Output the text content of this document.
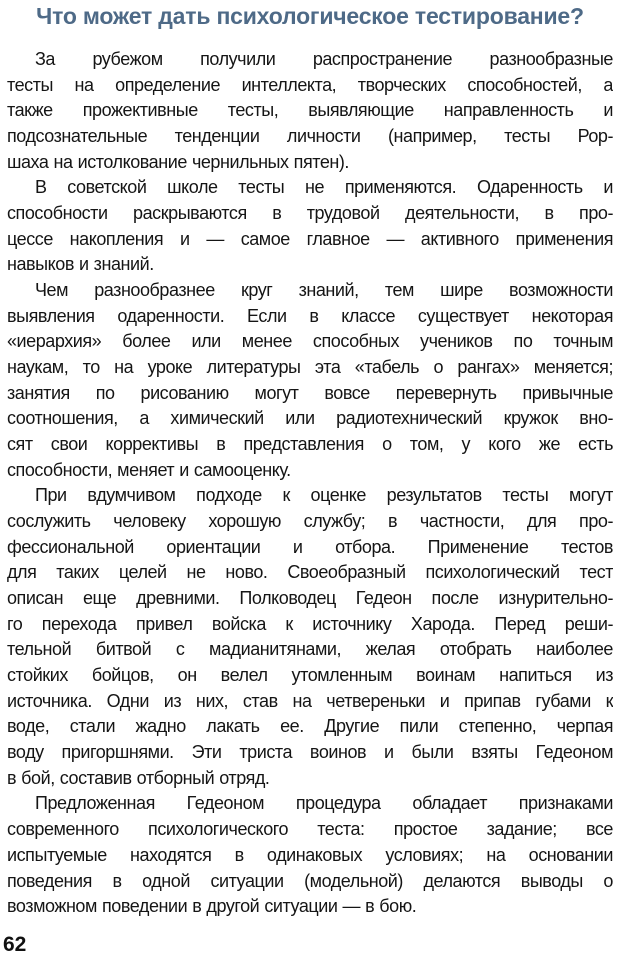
Что может дать психологическое тестирование?
За рубежом получили распространение разнообразные
тесты на определение интеллекта, творческих способностей, а
также прожективные тесты, выявляющие направленность и
подсознательные тенденции личности (например, тесты Рор-
шаха на истолкование чернильных пятен).
В советской школе тесты не применяются. Одаренность и
способности раскрываются в трудовой деятельности, в про-
цессе накопления и — самое главное — активного применения
навыков и знаний.
Чем разнообразнее круг знаний, тем шире возможности
выявления одаренности. Если в классе существует некоторая
«иерархия» более или менее способных учеников по точным
наукам, то на уроке литературы эта «табель о рангах» меняется;
занятия по рисованию могут вовсе перевернуть привычные
соотношения, а химический или радиотехнический кружок вно-
сят свои коррективы в представления о том, у кого же есть
способности, меняет и самооценку.
При вдумчивом подходе к оценке результатов тесты могут
сослужить человеку хорошую службу; в частности, для про-
фессиональной ориентации и отбора. Применение тестов
для таких целей не ново. Своеобразный психологический тест
описан еще древними. Полководец Гедеон после изнурительно-
го перехода привел войска к источнику Харода. Перед реши-
тельной битвой с мадианитянами, желая отобрать наиболее
стойких бойцов, он велел утомленным воинам напиться из
источника. Одни из них, став на четвереньки и припав губами к
воде, стали жадно лакать ее. Другие пили степенно, черпая
воду пригоршнями. Эти триста воинов и были взяты Гедеоном
в бой, составив отборный отряд.
Предложенная Гедеоном процедура обладает признаками
современного психологического теста: простое задание; все
испытуемые находятся в одинаковых условиях; на основании
поведения в одной ситуации (модельной) делаются выводы о
возможном поведении в другой ситуации — в бою.
62
